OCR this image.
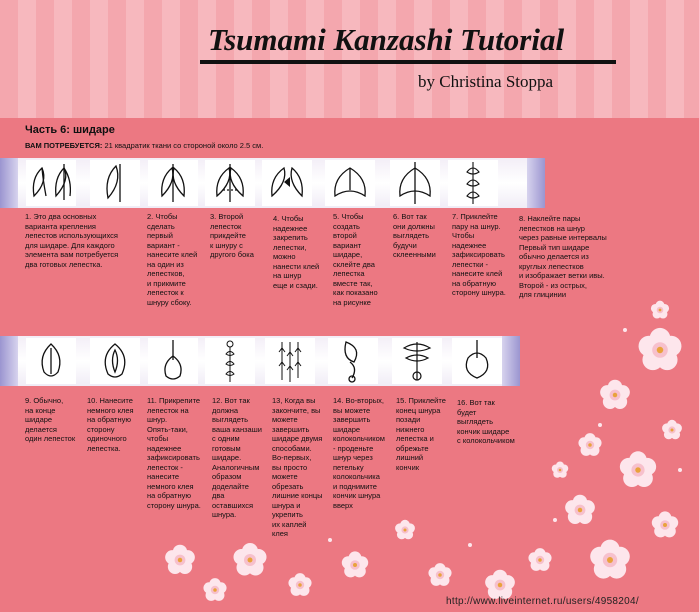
Tsumami Kanzashi Tutorial
by Christina Stoppa
Часть 6: шидаре
ВАМ ПОТРЕБУЕТСЯ: 21 квадратик ткани со стороной около 2.5 см.
1. Это два основных
варианта крепления
лепестов использующихся
для шидаре. Для каждого
элемента вам потребуется
два готовых лепестка.
2. Чтобы
сделать
первый
вариант -
нанесите клей
на один из
лепестков,
и прикмите
лепесток к
шнуру сбоку.
3. Второй
лепесток
прикдейте
к шнуру с
другого бока
4. Чтобы
надежнее
закрепить
лепестки,
можно
нанести клей
на шнур
еще и сзади.
5. Чтобы
создать
второй
вариант
шидаре,
склейте два
лепестка
вместе так,
как показано
на рисунке
6. Вот так
они должны
выглядеть
будучи
склеенными
7. Приклейте
пару на шнур.
Чтобы
надежнее
зафиксировать
лепестки -
нанесите клей
на обратную
сторону шнура.
8. Наклейте пары
лепестков на шнур
через равные интервалы
Первый тип шидаре
обычно делается из
круглых лепестков
и изображает ветки ивы.
Второй - из острых,
для глицинии
9. Обычно,
на конце
шидаре
делается
один лепесток
10. Нанесите
немного клея
на обратную
сторону
одиночного
лепестка.
11. Прикрепите
лепесток на
шнур.
Опять-таки,
чтобы
надежнее
зафиксировать
лепесток -
нанесите
немного клея
на обратную
сторону шнура.
12. Вот так
должна
выглядеть
ваша канзаши
с одним
готовым
шидаре.
Аналогичным
образом
доделайте
два
оставшихся
шнура.
13, Когда вы
закончите, вы
можете
завершить
шидаре двумя
способами.
Во-первых,
вы просто
можете
обрезать
лишние концы
шнура и
укрепить
их каплей
клея
14. Во-вторых,
вы можете
завершить
шидаре
колокольчиком
- проденьте
шнур через
петельку
колокольчика
и поднимите
кончик шнура
вверх
15. Приклейте
конец шнура
позади
нижнего
лепестка и
обрежьте
лишний
кончик
16. Вот так
будет
выглядеть
кончик шидаре
с колокольчиком
http://www.liveinternet.ru/users/4958204/
